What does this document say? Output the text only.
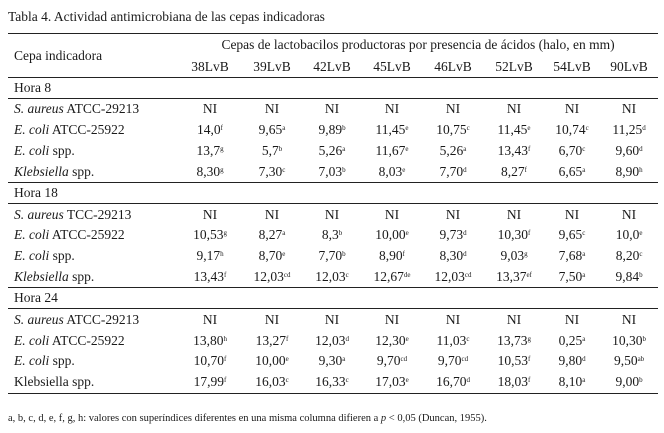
Tabla 4. Actividad antimicrobiana de las cepas indicadoras
Cepa indicadora	Cepas de lactobacilos productoras por presencia de ácidos (halo, en mm)							
	38LvB	39LvB	42LvB	45LvB	46LvB	52LvB	54LvB	90LvB
Hora 8								
S. aureus ATCC-29213	NI	NI	NI	NI	NI	NI	NI	NI
E. coli ATCC-25922	14,0$^f$	9,65$^a$	9,89$^b$	11,45e	10,75$^c$	11,45e	10,74$^c$	11,25$^d$
E. coli spp.	13,7$^g$	5,7$^b$	5,26$^a$	11,67e	5,26$^a$	13,43$^f$	6,70$^c$	9,60$^d$
Klebsiella spp.	8,30$^g$	7,30$^c$	7,03$^b$	8,03e	7,70$^d$	8,27$^f$	6,65$^a$	8,90$^h$
Hora 18								
S. aureus TCC-29213	NI	NI	NI	NI	NI	NI	NI	NI
E. coli ATCC-25922	10,53$^g$	8,27$^a$	8,3$^b$	10,00e	9,73$^d$	10,30$^f$	9,65$^c$	10,0e
E. coli spp.	9,17$^h$	8,70e	7,70$^b$	8,90$^f$	8,30$^d$	9,03$^g$	7,68$^a$	8,20$^c$
Klebsiella spp.	13,43$^f$	12,03$^{cd}$	12,03$^c$	12,67de	12,03$^{cd}$	13,37$^{ef}$	7,50$^a$	9,84$^b$
Hora 24								
S. aureus ATCC-29213	NI	NI	NI	NI	NI	NI	NI	NI
E. coli ATCC-25922	13,80$^h$	13,27$^f$	12,03$^d$	12,30e	11,03$^c$	13,73$^g$	0,25$^a$	10,30$^b$
E. coli spp.	10,70$^f$	10,00e	9,30$^a$	9,70$^{cd}$	9,70$^{cd}$	10,53$^f$	9,80$^d$	9,50$^{ab}$
Klebsiella spp.	17,99$^f$	16,03$^c$	16,33$^c$	17,03e	16,70$^d$	18,03$^f$	8,10$^a$	9,00$^b$
a, b, c, d, e, f, g, h: valores con superíndices diferentes en una misma columna difieren a p < 0,05 (Duncan, 1955).
